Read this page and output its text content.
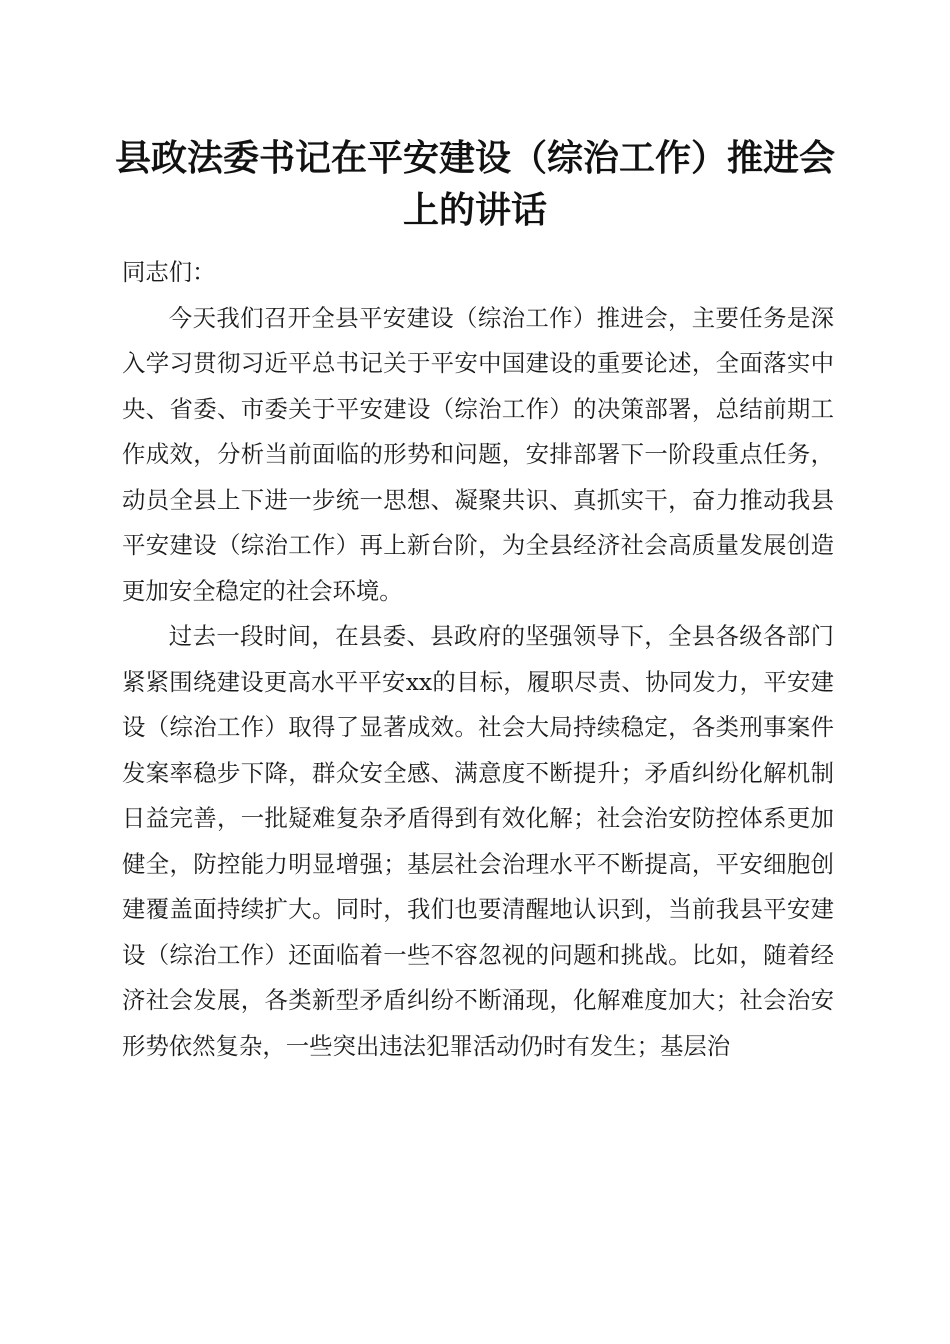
县政法委书记在平安建设（综治工作）推进会上的讲话

同志们：

今天我们召开全县平安建设（综治工作）推进会，主要任务是深入学习贯彻习近平总书记关于平安中国建设的重要论述，全面落实中央、省委、市委关于平安建设（综治工作）的决策部署，总结前期工作成效，分析当前面临的形势和问题，安排部署下一阶段重点任务，动员全县上下进一步统一思想、凝聚共识、真抓实干，奋力推动我县平安建设（综治工作）再上新台阶，为全县经济社会高质量发展创造更加安全稳定的社会环境。

过去一段时间，在县委、县政府的坚强领导下，全县各级各部门紧紧围绕建设更高水平平安xx的目标，履职尽责、协同发力，平安建设（综治工作）取得了显著成效。社会大局持续稳定，各类刑事案件发案率稳步下降，群众安全感、满意度不断提升；矛盾纠纷化解机制日益完善，一批疑难复杂矛盾得到有效化解；社会治安防控体系更加健全，防控能力明显增强；基层社会治理水平不断提高，平安细胞创建覆盖面持续扩大。同时，我们也要清醒地认识到，当前我县平安建设（综治工作）还面临着一些不容忽视的问题和挑战。比如，随着经济社会发展，各类新型矛盾纠纷不断涌现，化解难度加大；社会治安形势依然复杂，一些突出违法犯罪活动仍时有发生；基层治
